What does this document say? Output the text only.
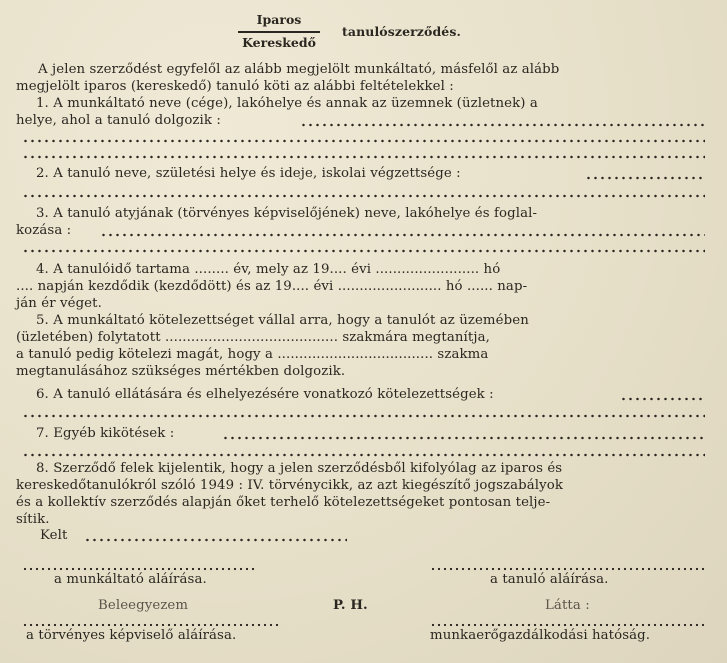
Iparos
Kereskedő
tanulószerződés.
A jelen szerződést egyfelől az alább megjelölt munkáltató, másfelől az alább
megjelölt iparos (kereskedő) tanuló köti az alábbi feltételekkel :
1. A munkáltató neve (cége), lakóhelye és annak az üzemnek (üzletnek) a
helye, ahol a tanuló dolgozik :
2. A tanuló neve, születési helye és ideje, iskolai végzettsége :
3. A tanuló atyjának (törvényes képviselőjének) neve, lakóhelye és foglal-
kozása :
4. A tanulóidő tartama ........ év, mely az 19.... évi ........................ hó
.... napján kezdődik (kezdődött) és az 19.... évi ........................ hó ...... nap-
ján ér véget.
5. A munkáltató kötelezettséget vállal arra, hogy a tanulót az üzemében
(üzletében) folytatott ........................................ szakmára megtanítja,
a tanuló pedig kötelezi magát, hogy a .................................... szakma
megtanulásához szükséges mértékben dolgozik.
6. A tanuló ellátására és elhelyezésére vonatkozó kötelezettségek :
7. Egyéb kikötések :
8. Szerződő felek kijelentik, hogy a jelen szerződésből kifolyólag az iparos és
kereskedőtanulókról szóló 1949 : IV. törvénycikk, az azt kiegészítő jogszabályok
és a kollektív szerződés alapján őket terhelő kötelezettségeket pontosan telje-
sítik.
Kelt
a munkáltató aláírása.	a tanuló aláírása.
Beleegyezem	P. H.	Látta :
a törvényes képviselő aláírása.	munkaerőgazdálkodási hatóság.
